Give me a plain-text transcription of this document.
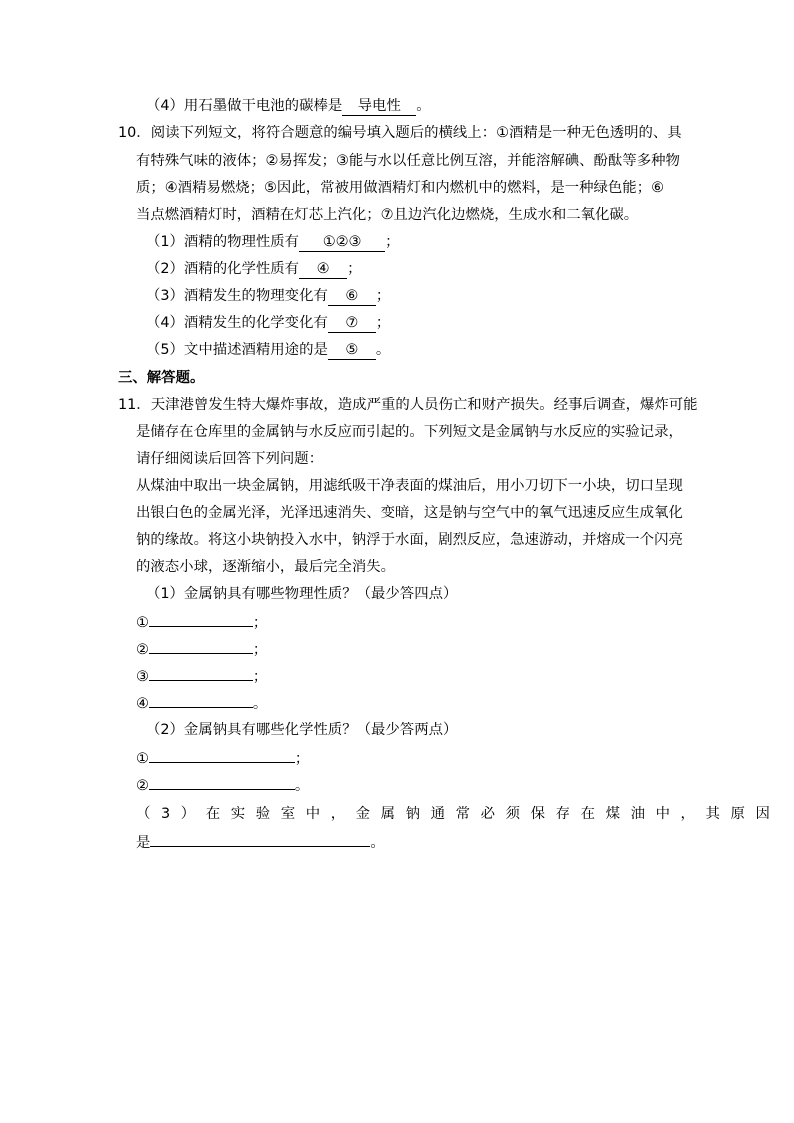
（4）用石墨做干电池的碳棒是 导电性 。
10．阅读下列短文，将符合题意的编号填入题后的横线上：①酒精是一种无色透明的、具
有特殊气味的液体；②易挥发；③能与水以任意比例互溶，并能溶解碘、酚酞等多种物
质；④酒精易燃烧；⑤因此，常被用做酒精灯和内燃机中的燃料，是一种绿色能；⑥
当点燃酒精灯时，酒精在灯芯上汽化；⑦且边汽化边燃烧，生成水和二氧化碳。
（1）酒精的物理性质有 ①②③ ；
（2）酒精的化学性质有 ④ ；
（3）酒精发生的物理变化有 ⑥ ；
（4）酒精发生的化学变化有 ⑦ ；
（5）文中描述酒精用途的是 ⑤ 。
三、解答题。
11．天津港曾发生特大爆炸事故，造成严重的人员伤亡和财产损失。经事后调查，爆炸可能
是储存在仓库里的金属钠与水反应而引起的。下列短文是金属钠与水反应的实验记录，
请仔细阅读后回答下列问题：
从煤油中取出一块金属钠，用滤纸吸干净表面的煤油后，用小刀切下一小块，切口呈现
出银白色的金属光泽，光泽迅速消失、变暗，这是钠与空气中的氧气迅速反应生成氧化
钠的缘故。将这小块钠投入水中，钠浮于水面，剧烈反应，急速游动，并熔成一个闪亮
的液态小球，逐渐缩小，最后完全消失。
（1）金属钠具有哪些物理性质？（最少答四点）
①	；
②	；
③	；
④	。
（2）金属钠具有哪些化学性质？（最少答两点）
①	；
②	。
（3）在实验室中，金属钠通常必须保存在煤油中，其原因
是	。
